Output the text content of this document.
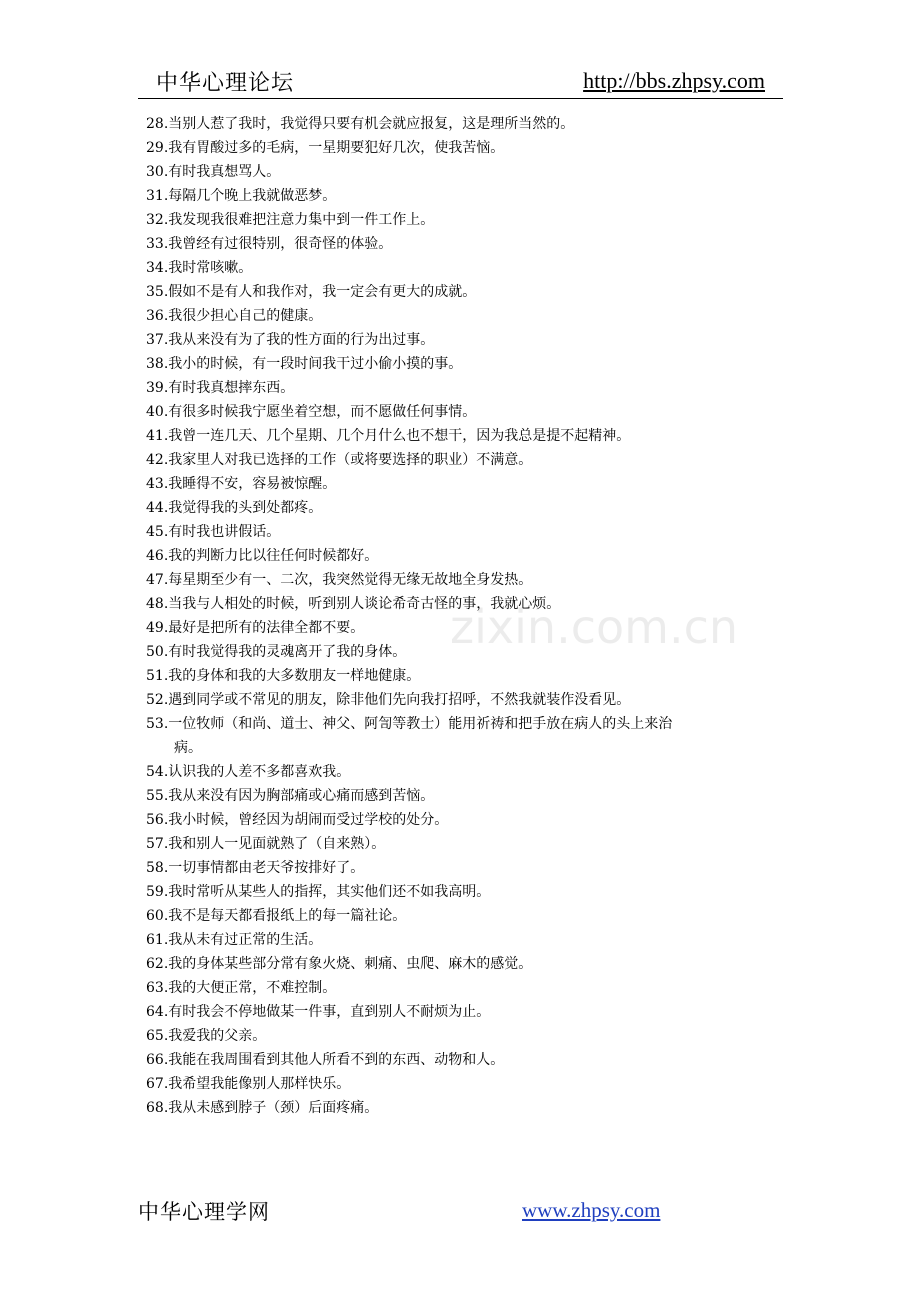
中华心理论坛	http://bbs.zhpsy.com
28.当别人惹了我时，我觉得只要有机会就应报复，这是理所当然的。
29.我有胃酸过多的毛病，一星期要犯好几次，使我苦恼。
30.有时我真想骂人。
31.每隔几个晚上我就做恶梦。
32.我发现我很难把注意力集中到一件工作上。
33.我曾经有过很特别，很奇怪的体验。
34.我时常咳嗽。
35.假如不是有人和我作对，我一定会有更大的成就。
36.我很少担心自己的健康。
37.我从来没有为了我的性方面的行为出过事。
38.我小的时候，有一段时间我干过小偷小摸的事。
39.有时我真想摔东西。
40.有很多时候我宁愿坐着空想，而不愿做任何事情。
41.我曾一连几天、几个星期、几个月什么也不想干，因为我总是提不起精神。
42.我家里人对我已选择的工作（或将要选择的职业）不满意。
43.我睡得不安，容易被惊醒。
44.我觉得我的头到处都疼。
45.有时我也讲假话。
46.我的判断力比以往任何时候都好。
47.每星期至少有一、二次，我突然觉得无缘无故地全身发热。
48.当我与人相处的时候，听到别人谈论希奇古怪的事，我就心烦。
49.最好是把所有的法律全都不要。
50.有时我觉得我的灵魂离开了我的身体。
51.我的身体和我的大多数朋友一样地健康。
52.遇到同学或不常见的朋友，除非他们先向我打招呼，不然我就装作没看见。
53.一位牧师（和尚、道士、神父、阿訇等教士）能用祈祷和把手放在病人的头上来治病。
54.认识我的人差不多都喜欢我。
55.我从来没有因为胸部痛或心痛而感到苦恼。
56.我小时候，曾经因为胡闹而受过学校的处分。
57.我和别人一见面就熟了（自来熟）。
58.一切事情都由老天爷按排好了。
59.我时常听从某些人的指挥，其实他们还不如我高明。
60.我不是每天都看报纸上的每一篇社论。
61.我从未有过正常的生活。
62.我的身体某些部分常有象火烧、刺痛、虫爬、麻木的感觉。
63.我的大便正常，不难控制。
64.有时我会不停地做某一件事，直到别人不耐烦为止。
65.我爱我的父亲。
66.我能在我周围看到其他人所看不到的东西、动物和人。
67.我希望我能像别人那样快乐。
68.我从未感到脖子（颈）后面疼痛。
zixin.com.cn
中华心理学网	www.zhpsy.com
